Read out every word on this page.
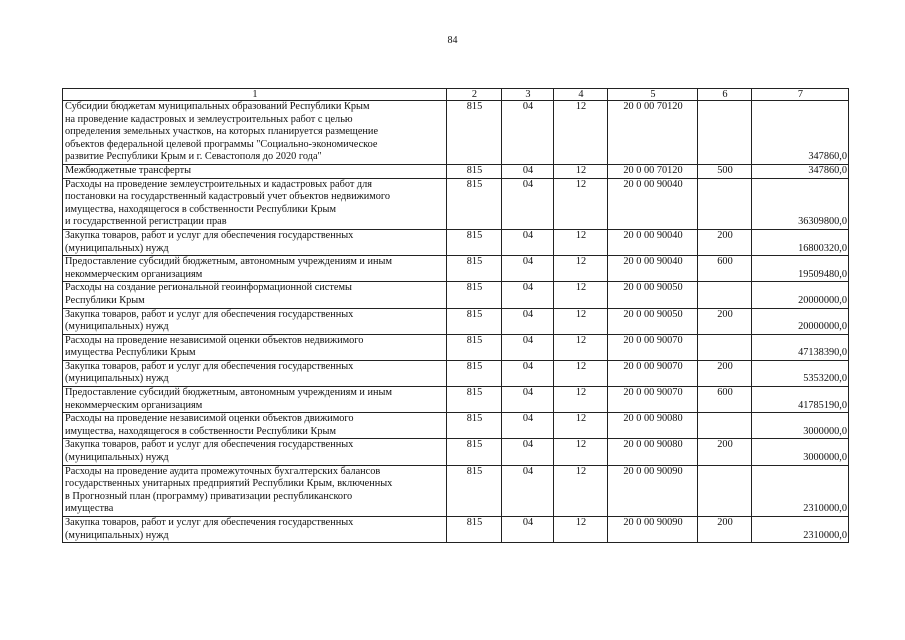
84
1	2	3	4	5	6	7
Субсидии бюджетам муниципальных образований Республики Крым
на проведение кадастровых и землеустроительных работ с целью
определения земельных участков, на которых планируется размещение
объектов федеральной целевой программы "Социально-экономическое
развитие Республики Крым и г. Севастополя до 2020 года"	815	04	12	20 0 00 70120		347860,0
Межбюджетные трансферты	815	04	12	20 0 00 70120	500	347860,0
Расходы на проведение землеустроительных и кадастровых работ для
постановки на государственный кадастровый учет объектов недвижимого
имущества, находящегося в собственности Республики Крым
и государственной регистрации прав	815	04	12	20 0 00 90040		36309800,0
Закупка товаров, работ и услуг для обеспечения государственных
(муниципальных) нужд	815	04	12	20 0 00 90040	200	16800320,0
Предоставление субсидий бюджетным, автономным учреждениям и иным
некоммерческим организациям	815	04	12	20 0 00 90040	600	19509480,0
Расходы на создание региональной геоинформационной системы
Республики Крым	815	04	12	20 0 00 90050		20000000,0
Закупка товаров, работ и услуг для обеспечения государственных
(муниципальных) нужд	815	04	12	20 0 00 90050	200	20000000,0
Расходы на проведение независимой оценки объектов недвижимого
имущества Республики Крым	815	04	12	20 0 00 90070		47138390,0
Закупка товаров, работ и услуг для обеспечения государственных
(муниципальных) нужд	815	04	12	20 0 00 90070	200	5353200,0
Предоставление субсидий бюджетным, автономным учреждениям и иным
некоммерческим организациям	815	04	12	20 0 00 90070	600	41785190,0
Расходы на проведение независимой оценки объектов движимого
имущества, находящегося в собственности Республики Крым	815	04	12	20 0 00 90080		3000000,0
Закупка товаров, работ и услуг для обеспечения государственных
(муниципальных) нужд	815	04	12	20 0 00 90080	200	3000000,0
Расходы на проведение аудита промежуточных бухгалтерских балансов
государственных унитарных предприятий Республики Крым, включенных
в Прогнозный план (программу) приватизации республиканского
имущества	815	04	12	20 0 00 90090		2310000,0
Закупка товаров, работ и услуг для обеспечения государственных
(муниципальных) нужд	815	04	12	20 0 00 90090	200	2310000,0
